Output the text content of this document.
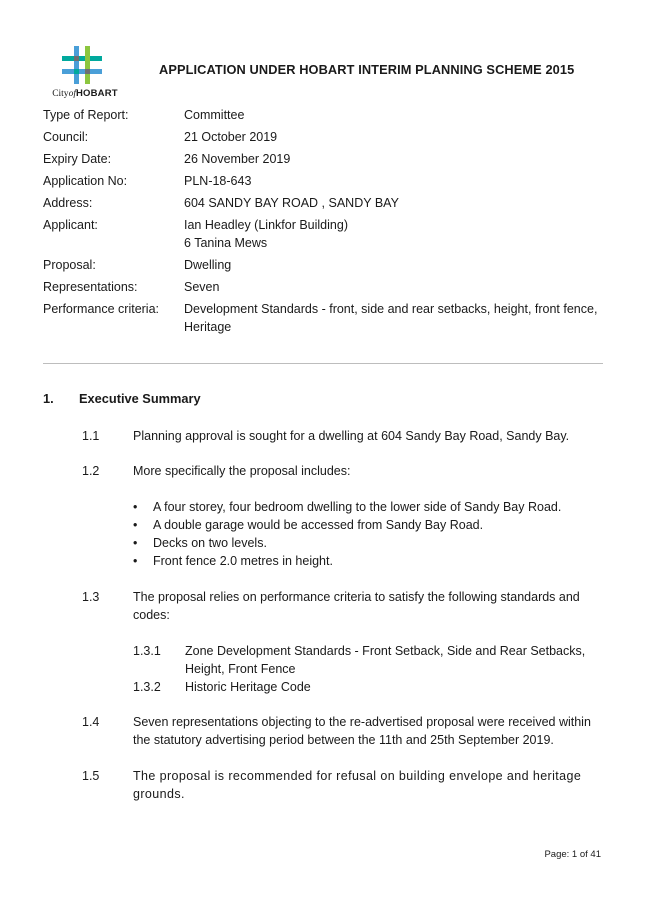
CityofHOBART
APPLICATION UNDER HOBART INTERIM PLANNING SCHEME 2015
Type of Report:	Committee
Council:	21 October 2019
Expiry Date:	26 November 2019
Application No:	PLN-18-643
Address:	604 SANDY BAY ROAD , SANDY BAY
Applicant:	Ian Headley (Linkfor Building)
6 Tanina Mews
Proposal:	Dwelling
Representations:	Seven
Performance criteria:	Development Standards - front, side and rear setbacks, height, front fence, Heritage
1. Executive Summary
1.1	Planning approval is sought for a dwelling at 604 Sandy Bay Road, Sandy Bay.
1.2	More specifically the proposal includes:
•	A four storey, four bedroom dwelling to the lower side of Sandy Bay Road.
•	A double garage would be accessed from Sandy Bay Road.
•	Decks on two levels.
•	Front fence 2.0 metres in height.
1.3	The proposal relies on performance criteria to satisfy the following standards and codes:
1.3.1	Zone Development Standards - Front Setback, Side and Rear Setbacks, Height, Front Fence
1.3.2	Historic Heritage Code
1.4	Seven representations objecting to the re-advertised proposal were received within the statutory advertising period between the 11th and 25th September 2019.
1.5	The proposal is recommended for refusal on building envelope and heritage grounds.
Page: 1 of 41
